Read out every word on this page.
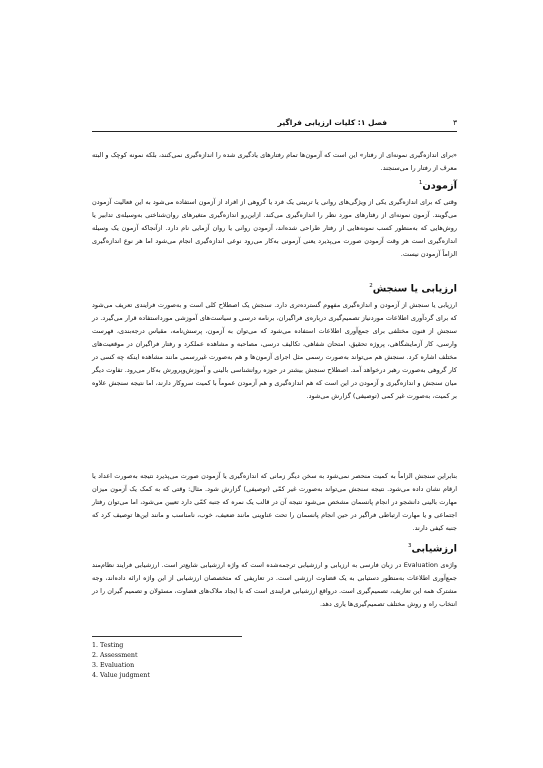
فصل ۱: کلیات ارزیابی فراگیر	۳
«برای اندازه‌گیری نمونه‌ای از رفتار» این است که آزمون‌ها تمام رفتارهای یادگیری شده را اندازه‌گیری نمی‌کنند، بلکه نمونه کوچک و البته معرف از رفتار را می‌سنجند.
آزمودن$^1$
وقتی که برای اندازه‌گیری یکی از ویژگی‌های روانی یا تربیتی یک فرد یا گروهی از افراد از آزمون استفاده می‌شود به این فعالیت آزمودن می‌گویند. آزمون نمونه‌ای از رفتارهای مورد نظر را اندازه‌گیری می‌کند. ازاین‌رو اندازه‌گیری متغیرهای روان‌شناختی به‌وسیله‌ی تدابیر یا روش‌هایی که به‌منظور کسب نمونه‌هایی از رفتار طراحی شده‌اند، آزمودن روانی یا روان آزمایی نام دارد. ازآنجاکه آزمون یک وسیله اندازه‌گیری است هر وقت آزمودن صورت می‌پذیرد یعنی آزمونی به‌کار می‌رود نوعی اندازه‌گیری انجام می‌شود اما هر نوع اندازه‌گیری الزاماً آزمودن نیست.
ارزیابی یا سنجش$^2$
ارزیابی یا سنجش از آزمودن و اندازه‌گیری مفهوم گسترده‌تری دارد. سنجش یک اصطلاح کلی است و به‌صورت فرایندی تعریف می‌شود که برای گردآوری اطلاعات موردنیاز تصمیم‌گیری درباره‌ی فراگیران، برنامه درسی و سیاست‌های آموزشی مورداستفاده قرار می‌گیرد. در سنجش از فنون مختلفی برای جمع‌آوری اطلاعات استفاده می‌شود که می‌توان به آزمون، پرسش‌نامه، مقیاس درجه‌بندی، فهرست وارسی، کار آزمایشگاهی، پروژه تحقیق، امتحان شفاهی، تکالیف درسی، مصاحبه و مشاهده عملکرد و رفتار فراگیران در موقعیت‌های مختلف اشاره کرد. سنجش هم می‌تواند به‌صورت رسمی مثل اجرای آزمون‌ها و هم به‌صورت غیررسمی مانند مشاهده اینکه چه کسی در کار گروهی به‌صورت رهبر درخواهد آمد. اصطلاح سنجش بیشتر در حوزه روانشناسی بالینی و آموزش‌وپرورش به‌کار می‌رود. تفاوت دیگر میان سنجش و اندازه‌گیری و آزمودن در این است که هم اندازه‌گیری و هم آزمودن عموماً با کمیت سروکار دارند، اما نتیجه سنجش علاوه بر کمیت، به‌صورت غیر کمی (توصیفی) گزارش می‌شود.
بنابراین سنجش الزاماً به کمیت منحصر نمی‌شود به سخن دیگر زمانی که اندازه‌گیری یا آزمودن صورت می‌پذیرد نتیجه به‌صورت اعداد یا ارقام نشان داده می‌شود. نتیجه سنجش می‌تواند به‌صورت غیر کمّی (توصیفی) گزارش شود. مثال: وقتی که به کمک یک آزمون میزان مهارت بالینی دانشجو در انجام پانسمان مشخص می‌شود نتیجه آن در قالب یک نمره که جنبه کمّی دارد تعیین می‌شود، اما می‌توان رفتار اجتماعی و یا مهارت ارتباطی فراگیر در حین انجام پانسمان را تحت عناوینی مانند ضعیف، خوب، نامناسب و مانند این‌ها توصیف کرد که جنبه کیفی دارند.
ارزشیابی$^3$
واژه‌ی Evaluation در زبان فارسی به ارزیابی و ارزشیابی ترجمه‌شده است که واژه ارزشیابی شایع‌تر است. ارزشیابی فرایند نظام‌مند جمع‌آوری اطلاعات به‌منظور دستیابی به یک قضاوت ارزشی است. در تعاریفی که متخصصان ارزشیابی از این واژه ارائه داده‌اند، وجه مشترک همه این تعاریف، تصمیم‌گیری است. درواقع ارزشیابی فرایندی است که با ایجاد ملاک‌های قضاوت، مسئولان و تصمیم گیران را در انتخاب راه و روش مختلف تصمیم‌گیری‌ها یاری دهد.
1. Testing
2. Assessment
3. Evaluation
4. Value judgment
